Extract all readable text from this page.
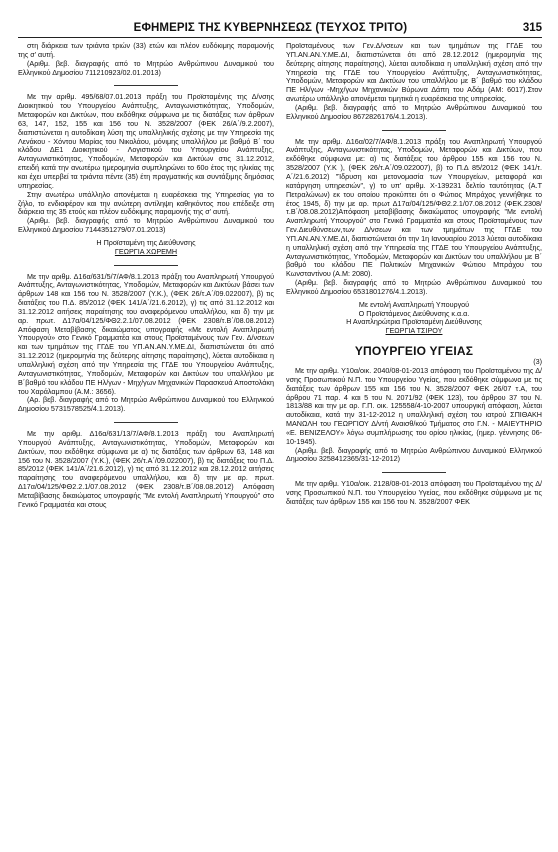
ΕΦΗΜΕΡΙΣ ΤΗΣ ΚΥΒΕΡΝΗΣΕΩΣ (ΤΕΥΧΟΣ ΤΡΙΤΟ)	315

στη διάρκεια των τριάντα τριών (33) ετών και πλέον ευδόκιμης παραμονής της σ’ αυτή.

(Αριθμ. βεβ. διαγραφής από το Μητρώο Ανθρώπινου Δυναμικού του Ελληνικού Δημοσίου 711210923/02.01.2013)

Με την αριθμ. 495/68/07.01.2013 πράξη του Προϊσταμένης της Δ/νσης Διοικητικού του Υπουργείου Ανάπτυξης, Ανταγωνιστικότητας, Υποδομών, Μεταφορών και Δικτύων, που εκδόθηκε σύμφωνα με τις διατάξεις των άρθρων 63, 147, 152, 155 και 156 του Ν. 3528/2007 (ΦΕΚ 26/Α΄/9.2.2007), διαπιστώνεται η αυτοδίκαιη λύση της υπαλληλικής σχέσης με την Υπηρεσία της Λενάκου - Χόντου Μαρίας του Νικολάου, μόνιμης υπαλλήλου με βαθμό Β΄ του κλάδου ΔΕ1 Διοικητικού - Λογιστικού του Υπουργείου Ανάπτυξης, Ανταγωνιστικότητας, Υποδομών, Μεταφορών και Δικτύων στις 31.12.2012, επειδή κατά την ανωτέρω ημερομηνία συμπληρώνει το 60ο έτος της ηλικίας της και έχει υπερβεί τα τριάντα πέντε (35) έτη πραγματικής και συντάξιμης δημόσιας υπηρεσίας.

Στην ανωτέρω υπάλληλο απονέμεται η ευαρέσκεια της Υπηρεσίας για το ζήλο, το ενδιαφέρον και την ανώτερη αντίληψη καθηκόντος που επέδειξε στη διάρκεια της 35 ετούς και πλέον ευδόκιμης παραμονής της σ’ αυτή.

(Αριθμ. βεβ. διαγραφής από το Μητρώο Ανθρώπινου Δυναμικού του Ελληνικού Δημοσίου 7144351279/07.01.2013)

Η Προϊσταμένη της Διεύθυνσης

ΓΕΩΡΓΙΑ ΧΩΡΕΜΗ

Με την αριθμ. Δ16α/631/5/7/ΑΦ/8.1.2013 πράξη του Αναπληρωτή Υπουργού Ανάπτυξης, Ανταγωνιστικότητας, Υποδομών, Μεταφορών και Δικτύων βάσει των άρθρων 148 και 156 του Ν. 3528/2007 (Υ.Κ.), (ΦΕΚ 26/τ.Α΄/09.022007), β) τις διατάξεις του Π.Δ. 85/2012 (ΦΕΚ 141/Α΄/21.6.2012), γ) τις από 31.12.2012 και 31.12.2012 αιτήσεις παραίτησης του αναφερόμενου υπαλλήλου, και δ) την με αρ. πρωτ. Δ17α/04/125/ΦΘ2.2.1/07.08.2012 (ΦΕΚ 2308/τ.Β΄/08.08.2012) Απόφαση Μεταβίβασης δικαιώματος υπογραφής «Με εντολή Αναπληρωτή Υπουργού» στο Γενικό Γραμματέα και στους Προϊσταμένους των Γεν. Δ/νσεων και των τμημάτων της ΓΓΔΕ του ΥΠ.ΑΝ.ΑΝ.Υ.ΜΕ.ΔΙ, διαπιστώνεται ότι από 31.12.2012 (ημερομηνία της δεύτερης αίτησης παραίτησης), λύεται αυτοδίκαια η υπαλληλική σχέση από την Υπηρεσία της ΓΓΔΕ του Υπουργείου Ανάπτυξης, Ανταγωνιστικότητας, Υποδομών, Μεταφορών και Δικτύων του υπαλλήλου με Β΄βαθμό του κλάδου ΠΕ Ηλ/γων - Μηχ/γων Μηχανικών Παρασκευά Αποστολάκη του Χαράλαμπου (Α.Μ.: 3656).

(Αρ. βεβ. διαγραφής από το Μητρώο Ανθρώπινου Δυναμικού του Ελληνικού Δημοσίου 5731578525/4.1.2013).

Με την αριθμ. Δ16α/631/13/7/ΑΦ/8.1.2013 πράξη του Αναπληρωτή Υπουργού Ανάπτυξης, Ανταγωνιστικότητας, Υποδομών, Μεταφορών και Δικτύων, που εκδόθηκε σύμφωνα με α) τις διατάξεις των άρθρων 63, 148 και 156 του Ν. 3528/2007 (Υ.Κ.), (ΦΕΚ 26/τ.Α΄/09.022007), β) τις διατάξεις του Π.Δ. 85/2012 (ΦΕΚ 141/Α΄/21.6.2012), γ) τις από 31.12.2012 και 28.12.2012 αιτήσεις παραίτησης του αναφερόμενου υπαλλήλου, και δ) την με αρ. πρωτ. Δ17α/04/125/ΦΘ2.2.1/07.08.2012 (ΦΕΚ 2308/τ.Β΄/08.08.2012) Απόφαση Μεταβίβασης δικαιώματος υπογραφής "Με εντολή Αναπληρωτή Υπουργού" στο Γενικό Γραμματέα και στους

Προϊσταμένους των Γεν.Δ/νσεων και των τμημάτων της ΓΓΔΕ του ΥΠ.ΑΝ.ΑΝ.Υ.ΜΕ.ΔΙ, διαπιστώνεται ότι από 28.12.2012 (ημερομηνία της δεύτερης αίτησης παραίτησης), λύεται αυτοδίκαια η υπαλληλική σχέση από την Υπηρεσία της ΓΓΔΕ του Υπουργείου Ανάπτυξης, Ανταγωνιστικότητας, Υποδομών, Μεταφορών και Δικτύων του υπαλλήλου με Β΄ βαθμό του κλάδου ΠΕ Ηλ/γων -Μηχ/γων Μηχανικών Βύρωνα Δάπη του Αδάμ (ΑΜ: 6017).Στον ανωτέρω υπάλληλο απονέμεται τιμητικά η ευαρέσκεια της υπηρεσίας.

(Αριθμ. βεβ. διαγραφής από το Μητρώο Ανθρώπινου Δυναμικού του Ελληνικού Δημοσίου 8672826176/4.1.2013).

Με την αριθμ. Δ16α/02/7/ΑΦ/8.1.2013 πράξη του Αναπληρωτή Υπουργού Ανάπτυξης, Ανταγωνιστικότητας, Υποδομών, Μεταφορών και Δικτύων, που εκδόθηκε σύμφωνα με: α) τις διατάξεις του άρθρου 155 και 156 του Ν. 3528/2007 (Υ.Κ ), (ΦΕΚ 26/τ.Α΄/09.022007), β) το Π.Δ 85/2012 (ΦΕΚ 141/τ. Α΄/21.6.2012) "Ίδρυση και μετονομασία των Υπουργείων, μεταφορά και κατάργηση υπηρεσιών", γ) το υπ’ αριθμ. Χ-139231 δελτίο ταυτότητας (Α.Τ Πετραλώνων) εκ του οποίου προκύπτει ότι ο Φώτιος Μπράχος γεννήθηκε το έτος 1945, δ) την με αρ. πρωτ Δ17α/04/125/ΦΘ2.2.1/07.08.2012 (ΦΕΚ.2308/τ.Β΄/08.08.2012)Απόφαση μεταβίβασης δικαιώματος υπογραφής "Με εντολή Αναπληρωτή Υπουργού" στο Γενικό Γραμματέα και στους Προϊσταμένους των Γεν.Διευθύνσεων,των Δ/νσεων και των τμημάτων της ΓΓΔΕ του ΥΠ.ΑΝ.ΑΝ.Υ.ΜΕ.ΔΙ, διαπιστώνεται ότι την 1η Ιανουαρίου 2013 λύεται αυτοδίκαια η υπαλληλική σχέση από την Υπηρεσία της ΓΓΔΕ του Υπουργείου Ανάπτυξης, Ανταγωνιστικότητας, Υποδομών, Μεταφορών και Δικτύων του υπαλλήλου με Β΄ βαθμό του κλάδου ΠΕ Πολιτικών Μηχανικών Φώτιου Μπράχου του Κωνσταντίνου (Α.Μ: 2080).

(Αριθμ. βεβ. διαγραφής από το Μητρώο Ανθρώπινου Δυναμικού του Ελληνικού Δημοσίου 6531801276/4.1.2013).

Με εντολή Αναπληρωτή Υπουργού

Ο Προϊστάμενος Διεύθυνσης κ.α.α.

Η Αναπληρώτρια Προϊσταμένη Διεύθυνσης

ΓΕΩΡΓΙΑ ΤΣΙΡΟΥ

ΥΠΟΥΡΓΕΙΟ ΥΓΕΙΑΣ

(3)

Με την αριθμ. Υ10α/οικ. 2040/08-01-2013 απόφαση του Προϊσταμένου της Δ/νσης Προσωπικού Ν.Π. του Υπουργείου Υγείας, που εκδόθηκε σύμφωνα με τις διατάξεις των άρθρων 155 και 156 του Ν. 3528/2007 ΦΕΚ 26/07 τ.Α, του άρθρου 71 παρ. 4 και 5 του Ν. 2071/92 (ΦΕΚ 123), του άρθρου 37 του Ν. 1813/88 και την με αρ. Γ.Π. οικ. 125558/4-10-2007 υπουργική απόφαση, λύεται αυτοδίκαια, κατά την 31-12-2012 η υπαλληλική σχέση του ιατρού ΣΠΙΘΑΚΗ ΜΑΝΩΛΗ του ΓΕΩΡΓΙΟΥ Δ/ντή Αναισθ/κού Τμήματος στο Γ.Ν. - ΜΑΙΕΥΤΗΡΙΟ «Ε. ΒΕΝΙΖΕΛΟΥ» λόγω συμπλήρωσης του ορίου ηλικίας, (ημερ. γέννησης 06-10-1945).

(Αριθμ. βεβ. διαγραφής από το Μητρώο Ανθρώπινου Δυναμικού Ελληνικού Δημοσίου 3258412365/31-12-2012)

Με την αριθμ. Υ10α/οικ. 2128/08-01-2013 απόφαση του Προϊσταμένου της Δ/νσης Προσωπικού Ν.Π. του Υπουργείου Υγείας, που εκδόθηκε σύμφωνα με τις διατάξεις των άρθρων 155 και 156 του Ν. 3528/2007 ΦΕΚ
